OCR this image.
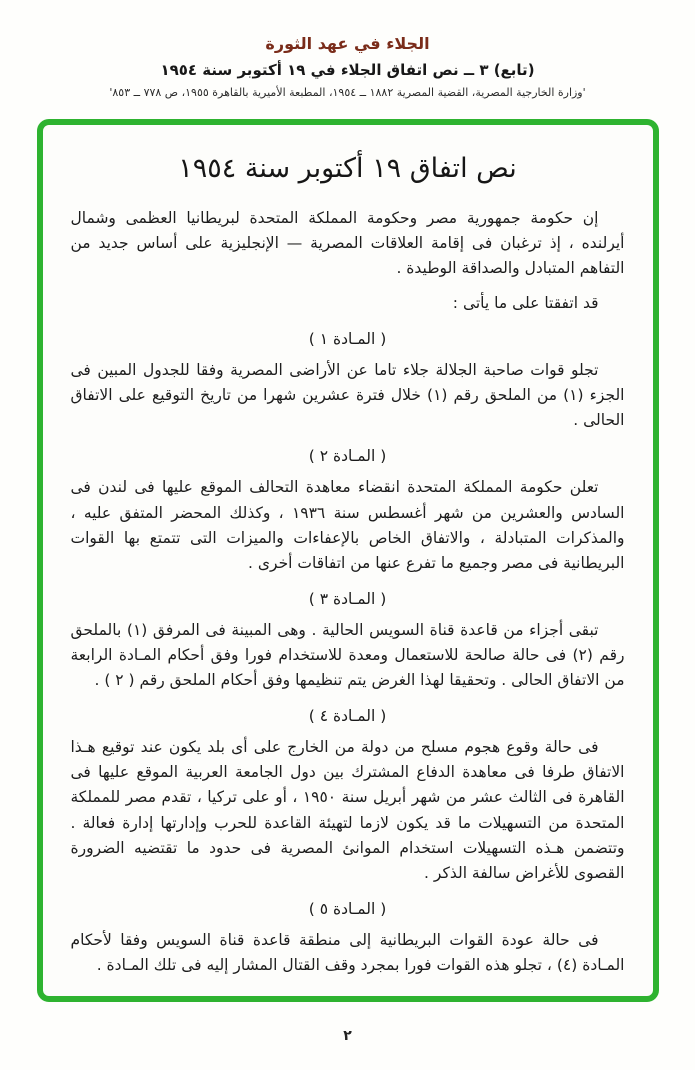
الجلاء في عهد الثورة
(تابع) ٣ ــ نص اتفاق الجلاء في ١٩ أكتوبر سنة ١٩٥٤
'وزارة الخارجية المصرية، القضية المصرية ١٨٨٢ ــ ١٩٥٤، المطبعة الأميرية بالقاهرة ١٩٥٥، ص ٧٧٨ ــ ٨٥٣'
نص اتفاق ١٩ أكتوبر سنة ١٩٥٤

إن حكومة جمهورية مصر وحكومة المملكة المتحدة لبريطانيا العظمى وشمال أيرلنده ، إذ ترغبان فى إقامة العلاقات المصرية — الإنجليزية على أساس جديد من التفاهم المتبادل والصداقة الوطيدة .

قد اتفقتا على ما يأتى :

( المـادة ١ )

تجلو قوات صاحبة الجلالة جلاء تاما عن الأراضى المصرية وفقا للجدول المبين فى الجزء (١) من الملحق رقم (١) خلال فترة عشرين شهرا من تاريخ التوقيع على الاتفاق الحالى .

( المـادة ٢ )

تعلن حكومة المملكة المتحدة انقضاء معاهدة التحالف الموقع عليها فى لندن فى السادس والعشرين من شهر أغسطس سنة ١٩٣٦ ، وكذلك المحضر المتفق عليه ، والمذكرات المتبادلة ، والاتفاق الخاص بالإعفاءات والميزات التى تتمتع بها القوات البريطانية فى مصر وجميع ما تفرع عنها من اتفاقات أخرى .

( المـادة ٣ )

تبقى أجزاء من قاعدة قناة السويس الحالية . وهى المبينة فى المرفق (١) بالملحق رقم (٢) فى حالة صالحة للاستعمال ومعدة للاستخدام فورا وفق أحكام المـادة الرابعة من الاتفاق الحالى . وتحقيقا لهذا الغرض يتم تنظيمها وفق أحكام الملحق رقم ( ٢ ) .

( المـادة ٤ )

فى حالة وقوع هجوم مسلح من دولة من الخارج على أى بلد يكون عند توقيع هـذا الاتفاق طرفا فى معاهدة الدفاع المشترك بين دول الجامعة العربية الموقع عليها فى القاهرة فى الثالث عشر من شهر أبريل سنة ١٩٥٠ ، أو على تركيا ، تقدم مصر للمملكة المتحدة من التسهيلات ما قد يكون لازما لتهيئة القاعدة للحرب وإدارتها إدارة فعالة . وتتضمن هـذه التسهيلات استخدام الموانئ المصرية فى حدود ما تقتضيه الضرورة القصوى للأغراض سالفة الذكر .

( المـادة ٥ )

فى حالة عودة القوات البريطانية إلى منطقة قاعدة قناة السويس وفقا لأحكام المـادة (٤) ، تجلو هذه القوات فورا بمجرد وقف القتال المشار إليه فى تلك المـادة .

٢
